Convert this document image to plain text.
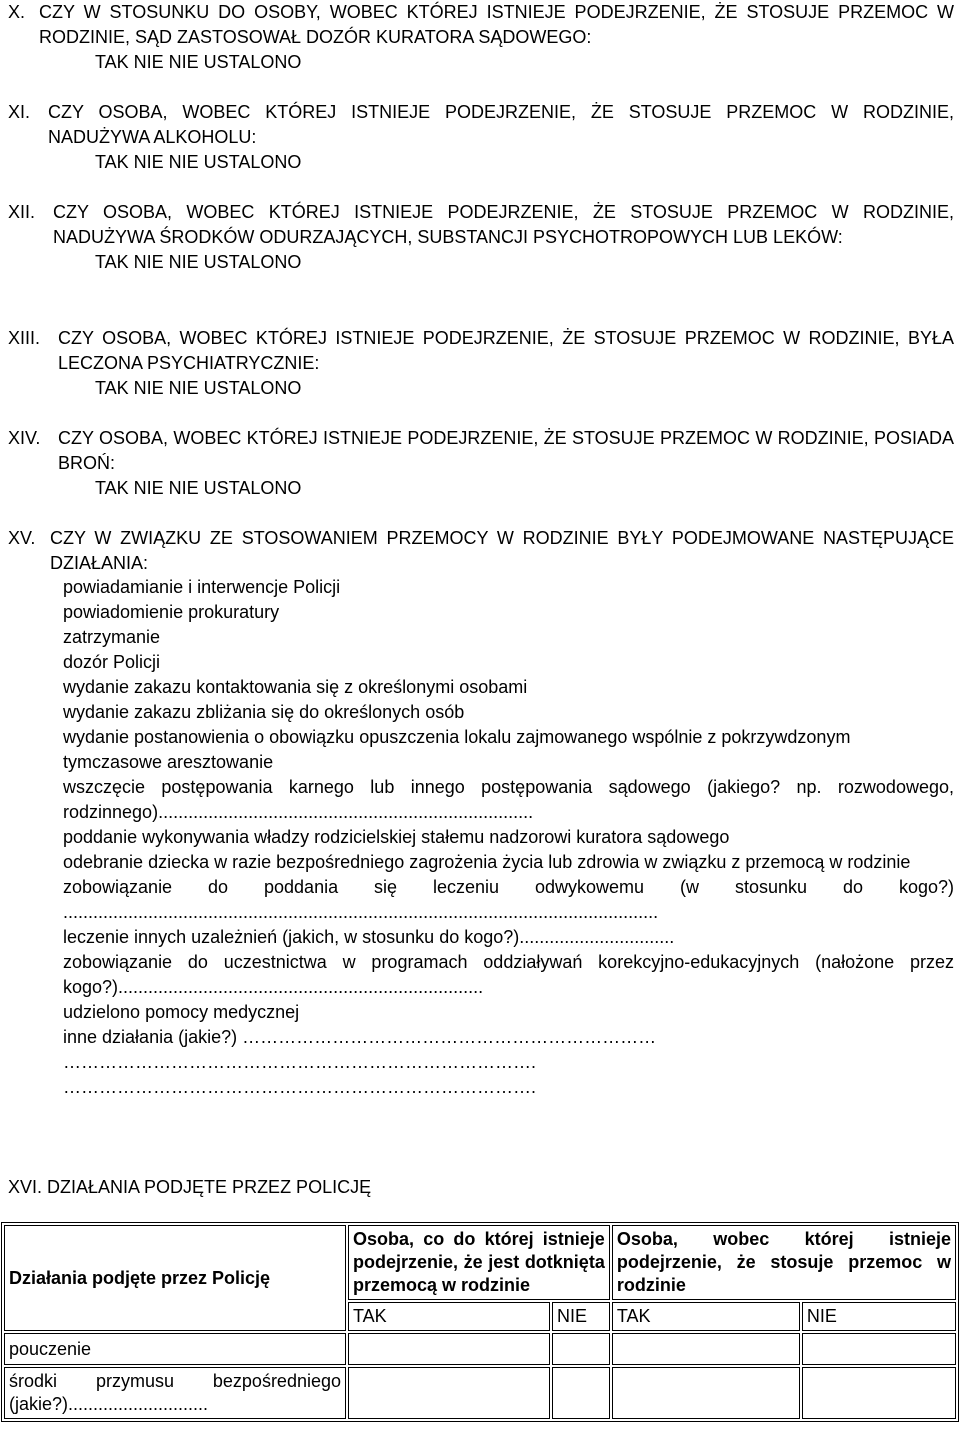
X. CZY W STOSUNKU DO OSOBY, WOBEC KTÓREJ ISTNIEJE PODEJRZENIE, ŻE STOSUJE PRZEMOC W RODZINIE, SĄD ZASTOSOWAŁ DOZÓR KURATORA SĄDOWEGO:
TAK NIE NIE USTALONO
XI. CZY OSOBA, WOBEC KTÓREJ ISTNIEJE PODEJRZENIE, ŻE STOSUJE PRZEMOC W RODZINIE, NADUŻYWA ALKOHOLU:
TAK NIE NIE USTALONO
XII. CZY OSOBA, WOBEC KTÓREJ ISTNIEJE PODEJRZENIE, ŻE STOSUJE PRZEMOC W RODZINIE, NADUŻYWA ŚRODKÓW ODURZAJĄCYCH, SUBSTANCJI PSYCHOTROPOWYCH LUB LEKÓW:
TAK NIE NIE USTALONO
XIII. CZY OSOBA, WOBEC KTÓREJ ISTNIEJE PODEJRZENIE, ŻE STOSUJE PRZEMOC W RODZINIE, BYŁA LECZONA PSYCHIATRYCZNIE:
TAK NIE NIE USTALONO
XIV. CZY OSOBA, WOBEC KTÓREJ ISTNIEJE PODEJRZENIE, ŻE STOSUJE PRZEMOC W RODZINIE, POSIADA BROŃ:
TAK NIE NIE USTALONO
XV. CZY W ZWIĄZKU ZE STOSOWANIEM PRZEMOCY W RODZINIE BYŁY PODEJMOWANE NASTĘPUJĄCE DZIAŁANIA:
powiadamianie i interwencje Policji
powiadomienie prokuratury
zatrzymanie
dozór Policji
wydanie zakazu kontaktowania się z określonymi osobami
wydanie zakazu zbliżania się do określonych osób
wydanie postanowienia o obowiązku opuszczenia lokalu zajmowanego wspólnie z pokrzywdzonym
tymczasowe aresztowanie
wszczęcie postępowania karnego lub innego postępowania sądowego (jakiego? np. rozwodowego, rodzinnego)...........................................................................
poddanie wykonywania władzy rodzicielskiej stałemu nadzorowi kuratora sądowego
odebranie dziecka w razie bezpośredniego zagrożenia życia lub zdrowia w związku z przemocą w rodzinie
zobowiązanie do poddania się leczeniu odwykowemu (w stosunku do kogo?) .......................................................................................................................
leczenie innych uzależnień (jakich, w stosunku do kogo?)...............................
zobowiązanie do uczestnictwa w programach oddziaływań korekcyjno-edukacyjnych (nałożone przez kogo?).........................................................................
udzielono pomocy medycznej
inne działania (jakie?) ……………………………………………………………
…………………………………………………………………….
…………………………………………………………………….
XVI. DZIAŁANIA PODJĘTE PRZEZ POLICJĘ
Działania podjęte przez Policję	Osoba, co do której istnieje podejrzenie, że jest dotknięta przemocą w rodzinie		Osoba, wobec której istnieje podejrzenie, że stosuje przemoc w rodzinie	
	TAK	NIE	TAK	NIE
pouczenie				
środki przymusu bezpośredniego (jakie?)............................				
